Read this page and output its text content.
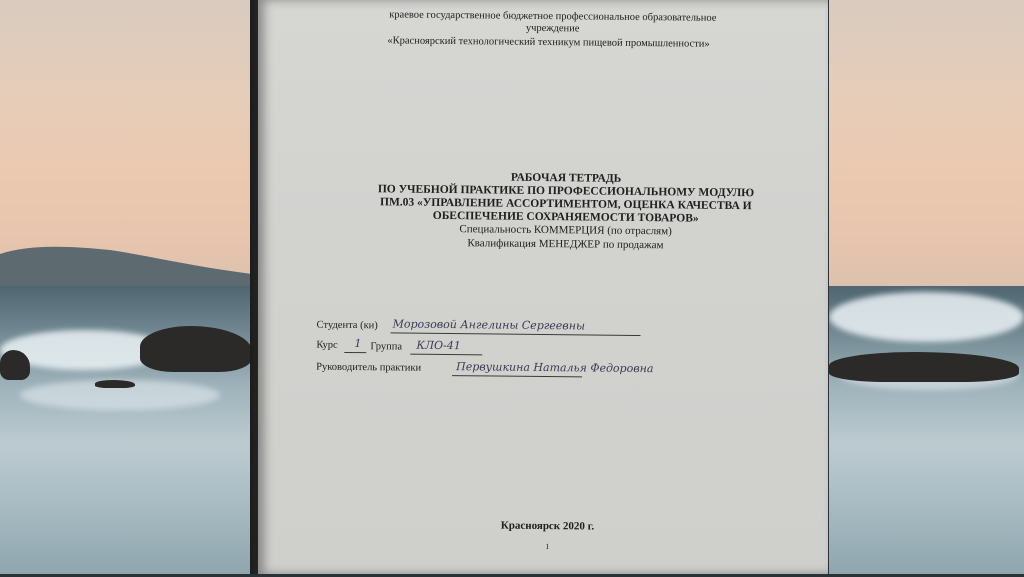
краевое государственное бюджетное профессиональное образовательное
учреждение
«Красноярский технологический техникум пищевой промышленности»
РАБОЧАЯ ТЕТРАДЬ
ПО УЧЕБНОЙ ПРАКТИКЕ ПО ПРОФЕССИОНАЛЬНОМУ МОДУЛЮ
ПМ.03 «УПРАВЛЕНИЕ АССОРТИМЕНТОМ, ОЦЕНКА КАЧЕСТВА И
ОБЕСПЕЧЕНИЕ СОХРАНЯЕМОСТИ ТОВАРОВ»
Специальность КОММЕРЦИЯ (по отраслям)
Квалификация МЕНЕДЖЕР по продажам
Студента (ки) Морозовой Ангелины Сергеевны
Курс 1 Группа КЛО-41
Руководитель практики	Первушкина Наталья Федоровна
Красноярск 2020 г.
1
